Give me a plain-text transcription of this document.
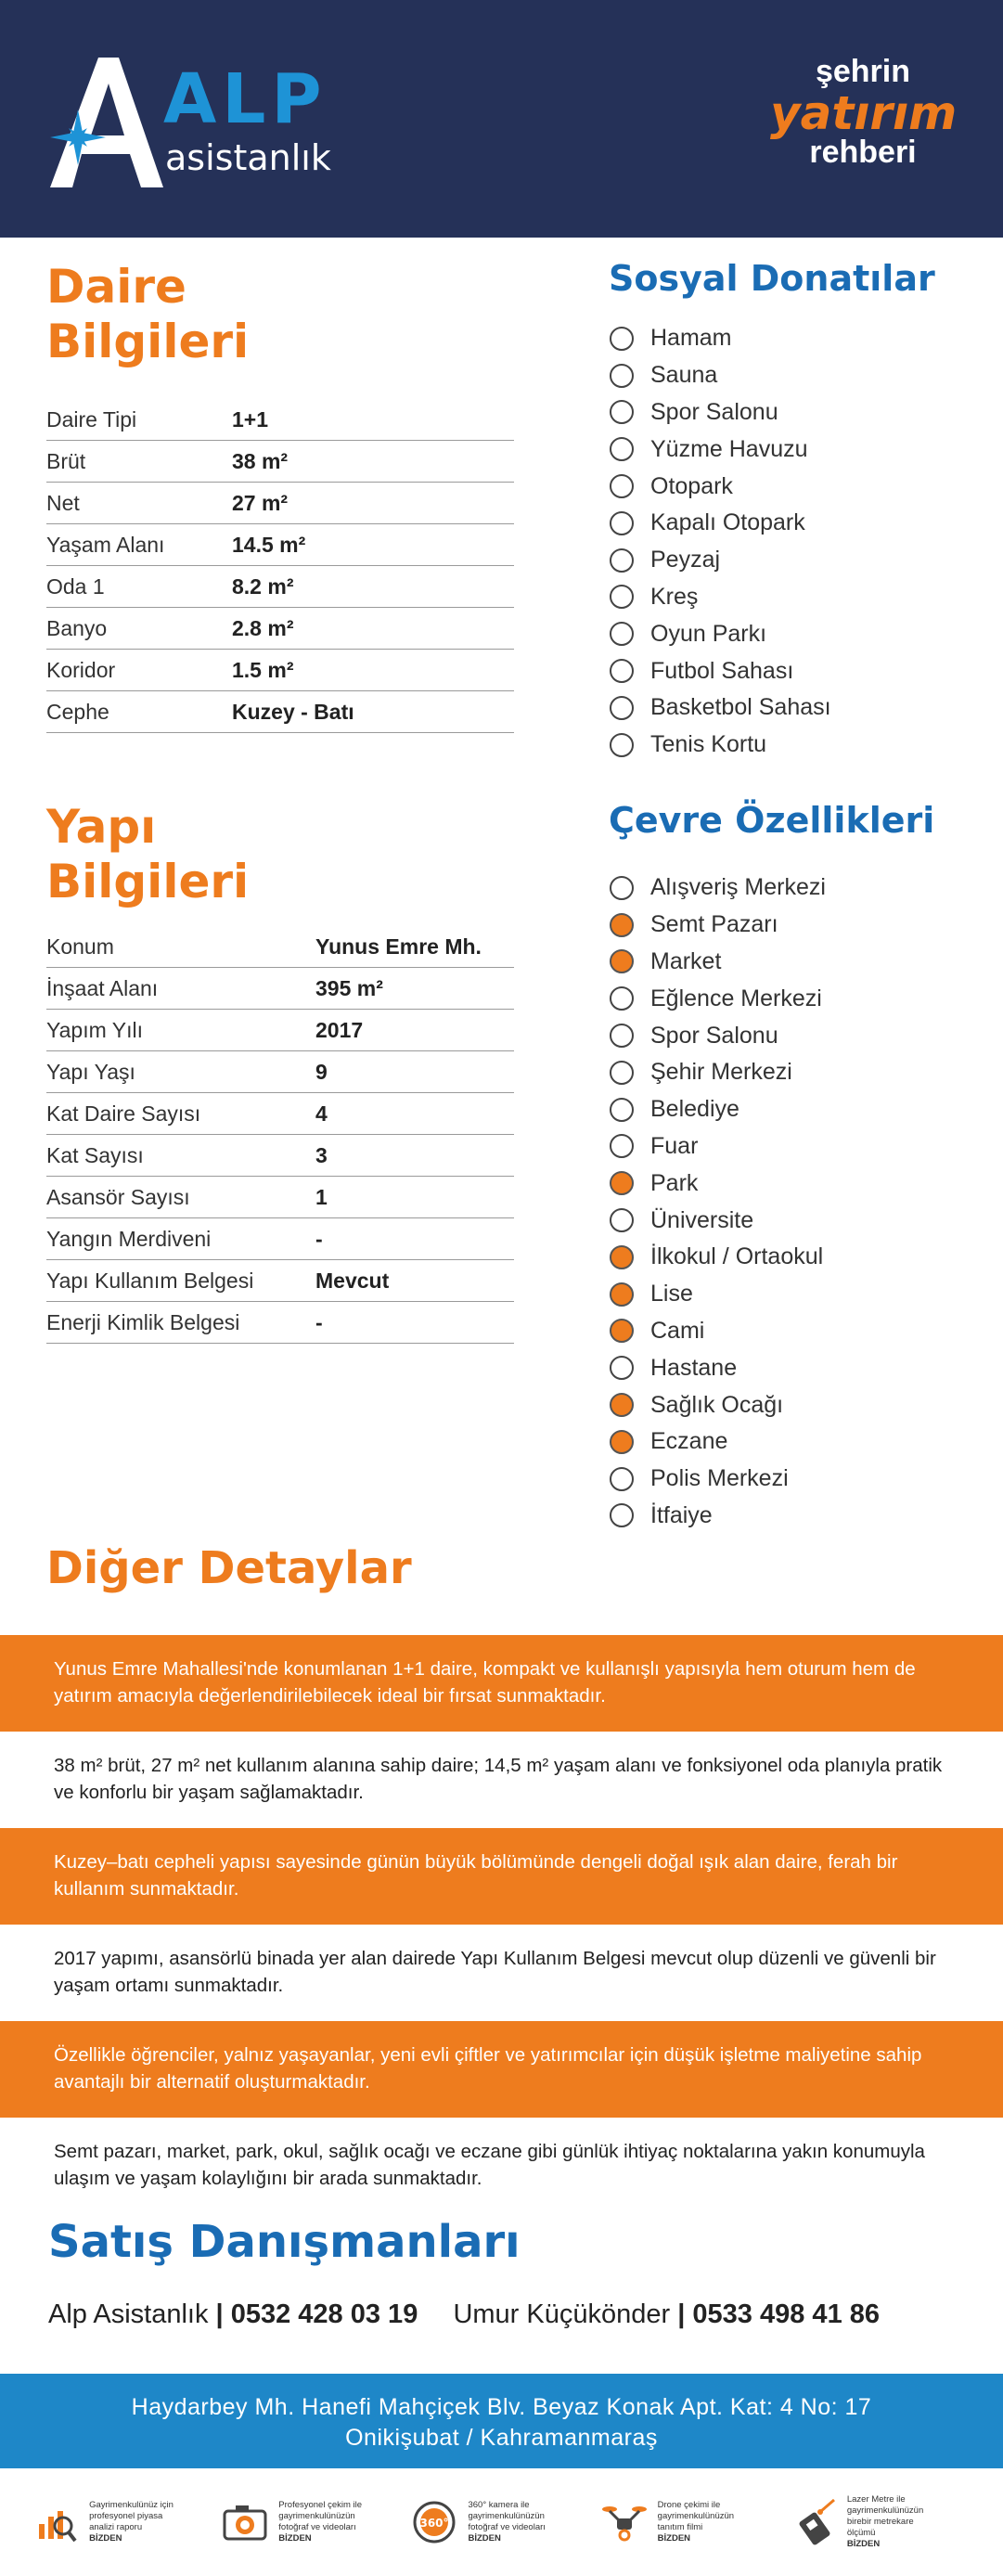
ALP
asistanlık
şehrin
yatırım
rehberi
Daire
Bilgileri
Daire Tipi	1+1
Brüt	38 m²
Net	27 m²
Yaşam Alanı	14.5 m²
Oda 1	8.2 m²
Banyo	2.8 m²
Koridor	1.5 m²
Cephe	Kuzey - Batı
Sosyal Donatılar
Hamam
Sauna
Spor Salonu
Yüzme Havuzu
Otopark
Kapalı Otopark
Peyzaj
Kreş
Oyun Parkı
Futbol Sahası
Basketbol Sahası
Tenis Kortu
Yapı
Bilgileri
Konum	Yunus Emre Mh.
İnşaat Alanı	395 m²
Yapım Yılı	2017
Yapı Yaşı	9
Kat Daire Sayısı	4
Kat Sayısı	3
Asansör Sayısı	1
Yangın Merdiveni	-
Yapı Kullanım Belgesi	Mevcut
Enerji Kimlik Belgesi	-
Çevre Özellikleri
Alışveriş Merkezi
Semt Pazarı
Market
Eğlence Merkezi
Spor Salonu
Şehir Merkezi
Belediye
Fuar
Park
Üniversite
İlkokul / Ortaokul
Lise
Cami
Hastane
Sağlık Ocağı
Eczane
Polis Merkezi
İtfaiye
Diğer Detaylar
Yunus Emre Mahallesi'nde konumlanan 1+1 daire, kompakt ve kullanışlı yapısıyla hem oturum hem de yatırım amacıyla değerlendirilebilecek ideal bir fırsat sunmaktadır.
38 m² brüt, 27 m² net kullanım alanına sahip daire; 14,5 m² yaşam alanı ve fonksiyonel oda planıyla pratik ve konforlu bir yaşam sağlamaktadır.
Kuzey–batı cepheli yapısı sayesinde günün büyük bölümünde dengeli doğal ışık alan daire, ferah bir kullanım sunmaktadır.
2017 yapımı, asansörlü binada yer alan dairede Yapı Kullanım Belgesi mevcut olup düzenli ve güvenli bir yaşam ortamı sunmaktadır.
Özellikle öğrenciler, yalnız yaşayanlar, yeni evli çiftler ve yatırımcılar için düşük işletme maliyetine sahip avantajlı bir alternatif oluşturmaktadır.
Semt pazarı, market, park, okul, sağlık ocağı ve eczane gibi günlük ihtiyaç noktalarına yakın konumuyla ulaşım ve yaşam kolaylığını bir arada sunmaktadır.
Satış Danışmanları
Alp Asistanlık | 0532 428 03 19 Umur Küçükönder | 0533 498 41 86
Haydarbey Mh. Hanefi Mahçiçek Blv. Beyaz Konak Apt. Kat: 4 No: 17
Onikişubat / Kahramanmaraş
Gayrimenkulünüz için
profesyonel piyasa
analizi raporu
BİZDEN
Profesyonel çekim ile
gayrimenkulünüzün
fotoğraf ve videoları
BİZDEN
360°
360° kamera ile
gayrimenkulünüzün
fotoğraf ve videoları
BİZDEN
Drone çekimi ile
gayrimenkulünüzün
tanıtım filmi
BİZDEN
Lazer Metre ile
gayrimenkulünüzün
birebir metrekare
ölçümü
BİZDEN
